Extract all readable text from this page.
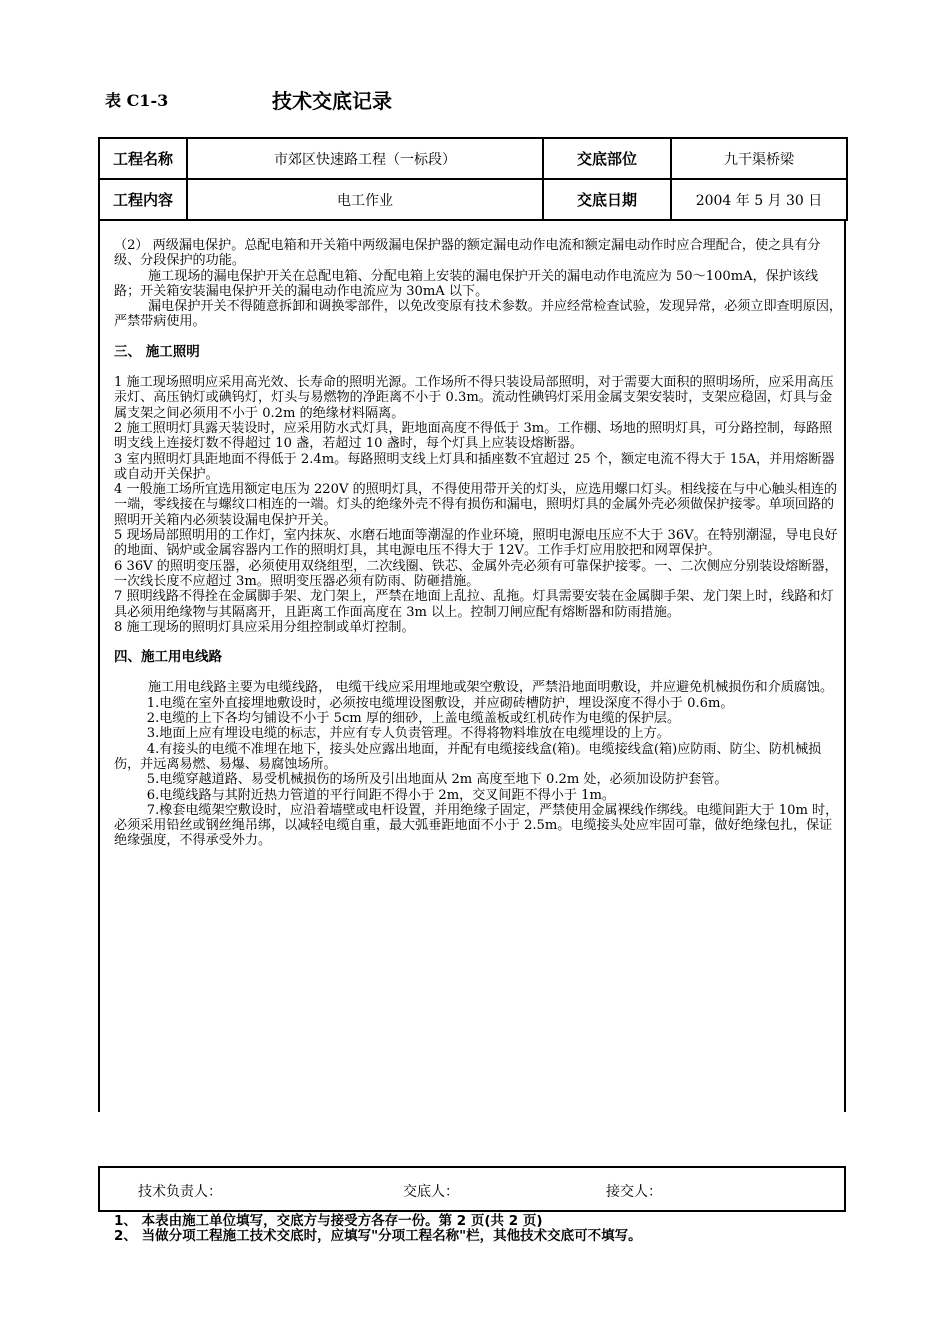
表 C1-3	技术交底记录
工程名称	市郊区快速路工程（一标段）	交底部位	九干渠桥梁
工程内容	电工作业	交底日期	2004 年 5 月 30 日

（2） 两级漏电保护。总配电箱和开关箱中两级漏电保护器的额定漏电动作电流和额定漏电动作时应合理配合，使之具有分级、分段保护的功能。

施工现场的漏电保护开关在总配电箱、分配电箱上安装的漏电保护开关的漏电动作电流应为 50～100mA，保护该线路；开关箱安装漏电保护开关的漏电动作电流应为 30mA 以下。

漏电保护开关不得随意拆卸和调换零部件，以免改变原有技术参数。并应经常检查试验，发现异常，必须立即查明原因，严禁带病使用。

三、 施工照明

1 施工现场照明应采用高光效、长寿命的照明光源。工作场所不得只装设局部照明，对于需要大面积的照明场所，应采用高压汞灯、高压钠灯或碘钨灯，灯头与易燃物的净距离不小于 0.3m。流动性碘钨灯采用金属支架安装时，支架应稳固，灯具与金属支架之间必须用不小于 0.2m 的绝缘材料隔离。

2 施工照明灯具露天装设时，应采用防水式灯具，距地面高度不得低于 3m。工作棚、场地的照明灯具，可分路控制，每路照明支线上连接灯数不得超过 10 盏，若超过 10 盏时，每个灯具上应装设熔断器。

3 室内照明灯具距地面不得低于 2.4m。每路照明支线上灯具和插座数不宜超过 25 个，额定电流不得大于 15A，并用熔断器或自动开关保护。

4 一般施工场所宜选用额定电压为 220V 的照明灯具，不得使用带开关的灯头，应选用螺口灯头。相线接在与中心触头相连的一端，零线接在与螺纹口相连的一端。灯头的绝缘外壳不得有损伤和漏电，照明灯具的金属外壳必须做保护接零。单项回路的照明开关箱内必须装设漏电保护开关。

5 现场局部照明用的工作灯，室内抹灰、水磨石地面等潮湿的作业环境，照明电源电压应不大于 36V。在特别潮湿，导电良好的地面、锅炉或金属容器内工作的照明灯具，其电源电压不得大于 12V。工作手灯应用胶把和网罩保护。

6 36V 的照明变压器，必须使用双绕组型，二次线圈、铁芯、金属外壳必须有可靠保护接零。一、二次侧应分别装设熔断器，一次线长度不应超过 3m。照明变压器必须有防雨、防砸措施。

7 照明线路不得拴在金属脚手架、龙门架上，严禁在地面上乱拉、乱拖。灯具需要安装在金属脚手架、龙门架上时，线路和灯具必须用绝缘物与其隔离开，且距离工作面高度在 3m 以上。控制刀闸应配有熔断器和防雨措施。

8 施工现场的照明灯具应采用分组控制或单灯控制。

四、施工用电线路

施工用电线路主要为电缆线路， 电缆干线应采用埋地或架空敷设，严禁沿地面明敷设，并应避免机械损伤和介质腐蚀。

1.电缆在室外直接埋地敷设时，必须按电缆埋设图敷设，并应砌砖槽防护，埋设深度不得小于 0.6m。

2.电缆的上下各均匀铺设不小于 5cm 厚的细砂，上盖电缆盖板或红机砖作为电缆的保护层。

3.地面上应有埋设电缆的标志，并应有专人负责管理。不得将物料堆放在电缆埋设的上方。

4.有接头的电缆不准埋在地下，接头处应露出地面，并配有电缆接线盒(箱)。电缆接线盒(箱)应防雨、防尘、防机械损伤，并远离易燃、易爆、易腐蚀场所。

5.电缆穿越道路、易受机械损伤的场所及引出地面从 2m 高度至地下 0.2m 处，必须加设防护套管。

6.电缆线路与其附近热力管道的平行间距不得小于 2m，交叉间距不得小于 1m。

7.橡套电缆架空敷设时，应沿着墙壁或电杆设置，并用绝缘子固定，严禁使用金属裸线作绑线。电缆间距大于 10m 时，必须采用铅丝或钢丝绳吊绑，以减轻电缆自重，最大弧垂距地面不小于 2.5m。电缆接头处应牢固可靠，做好绝缘包扎，保证绝缘强度，不得承受外力。

技术负责人：	交底人：	接交人：

1、 本表由施工单位填写，交底方与接受方各存一份。第 2 页(共 2 页)

2、 当做分项工程施工技术交底时，应填写"分项工程名称"栏，其他技术交底可不填写。
